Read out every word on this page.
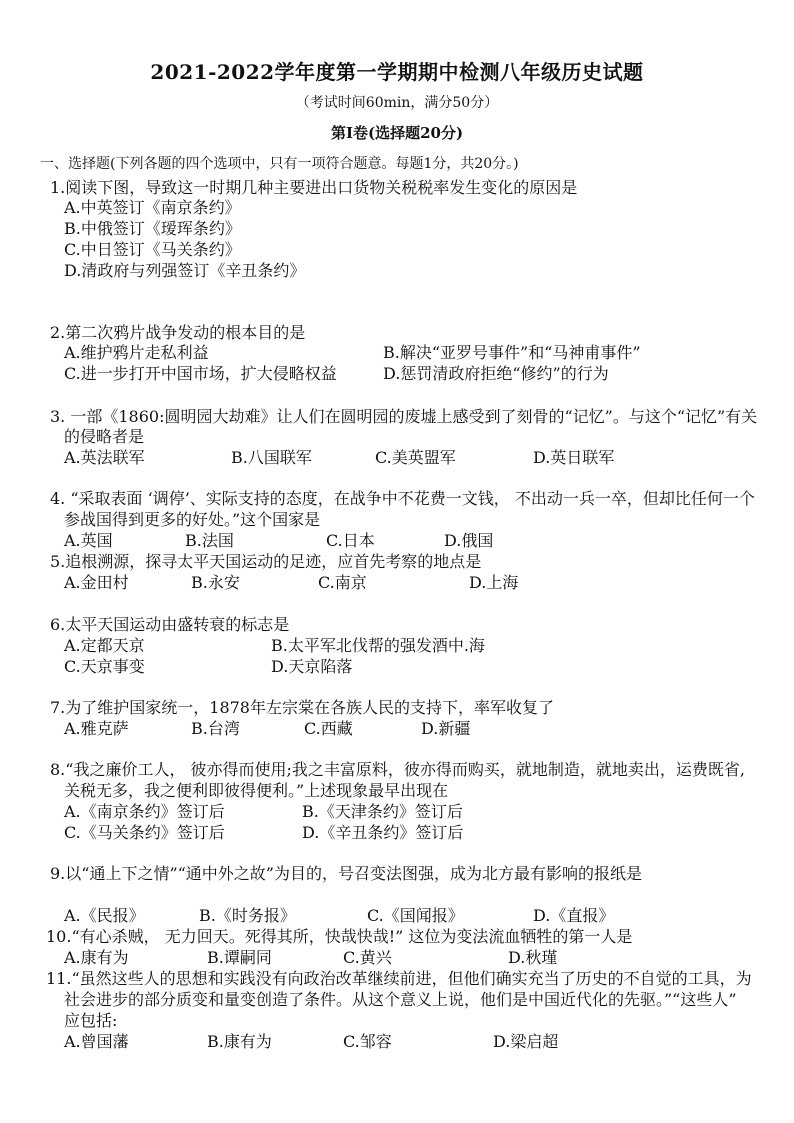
2021-2022学年度第一学期期中检测八年级历史试题
（考试时间60min，满分50分）
第Ⅰ卷(选择题20分)
一、选择题(下列各题的四个选项中，只有一项符合题意。每题1分，共20分。)
1.阅读下图，导致这一时期几种主要进出口货物关税税率发生变化的原因是
A.中英签订《南京条约》
B.中俄签订《瑷珲条约》
C.中日签订《马关条约》
D.清政府与列强签订《辛丑条约》
2.第二次鸦片战争发动的根本目的是
A.维护鸦片走私利益	B.解决“亚罗号事件”和“马神甫事件”
C.进一步打开中国市场，扩大侵略权益	D.惩罚清政府拒绝“修约”的行为
3. 一部《1860:圆明园大劫难》让人们在圆明园的废墟上感受到了刻骨的“记忆”。与这个“记忆”有关
的侵略者是
A.英法联军	B.八国联军	C.美英盟军	D.英日联军
4. “采取表面 ‘调停’、实际支持的态度，在战争中不花费一文钱， 不出动一兵一卒，但却比任何一个
参战国得到更多的好处。”这个国家是
A.英国	B.法国	C.日本	D.俄国
5.追根溯源，探寻太平天国运动的足迹，应首先考察的地点是
A.金田村	B.永安	C.南京	D.上海
6.太平天国运动由盛转衰的标志是
A.定都天京	B.太平军北伐帮的强发酒中.海
C.天京事变	D.天京陷落
7.为了维护国家统一，1878年左宗棠在各族人民的支持下，率军收复了
A.雅克萨	B.台湾	C.西藏	D.新疆
8.“我之廉价工人， 彼亦得而使用;我之丰富原料，彼亦得而购买，就地制造，就地卖出，运费既省,
关税无多，我之便利即彼得便利。”上述现象最早出现在
A.《南京条约》签订后	B.《天津条约》签订后
C.《马关条约》签订后	D.《辛丑条约》签订后
9.以“通上下之情”“通中外之故”为目的，号召变法图强，成为北方最有影响的报纸是
A.《民报》	B.《时务报》	C.《国闻报》	D.《直报》
10.“有心杀贼， 无力回天。死得其所，快哉快哉!” 这位为变法流血牺牲的第一人是
A.康有为	B.谭嗣同	C.黄兴	D.秋瑾
11.“虽然这些人的思想和实践没有向政治改革继续前进，但他们确实充当了历史的不自觉的工具，为
社会进步的部分质变和量变创造了条件。从这个意义上说，他们是中国近代化的先驱。”“这些人”
应包括:
A.曾国藩	B.康有为	C.邹容	D.梁启超
